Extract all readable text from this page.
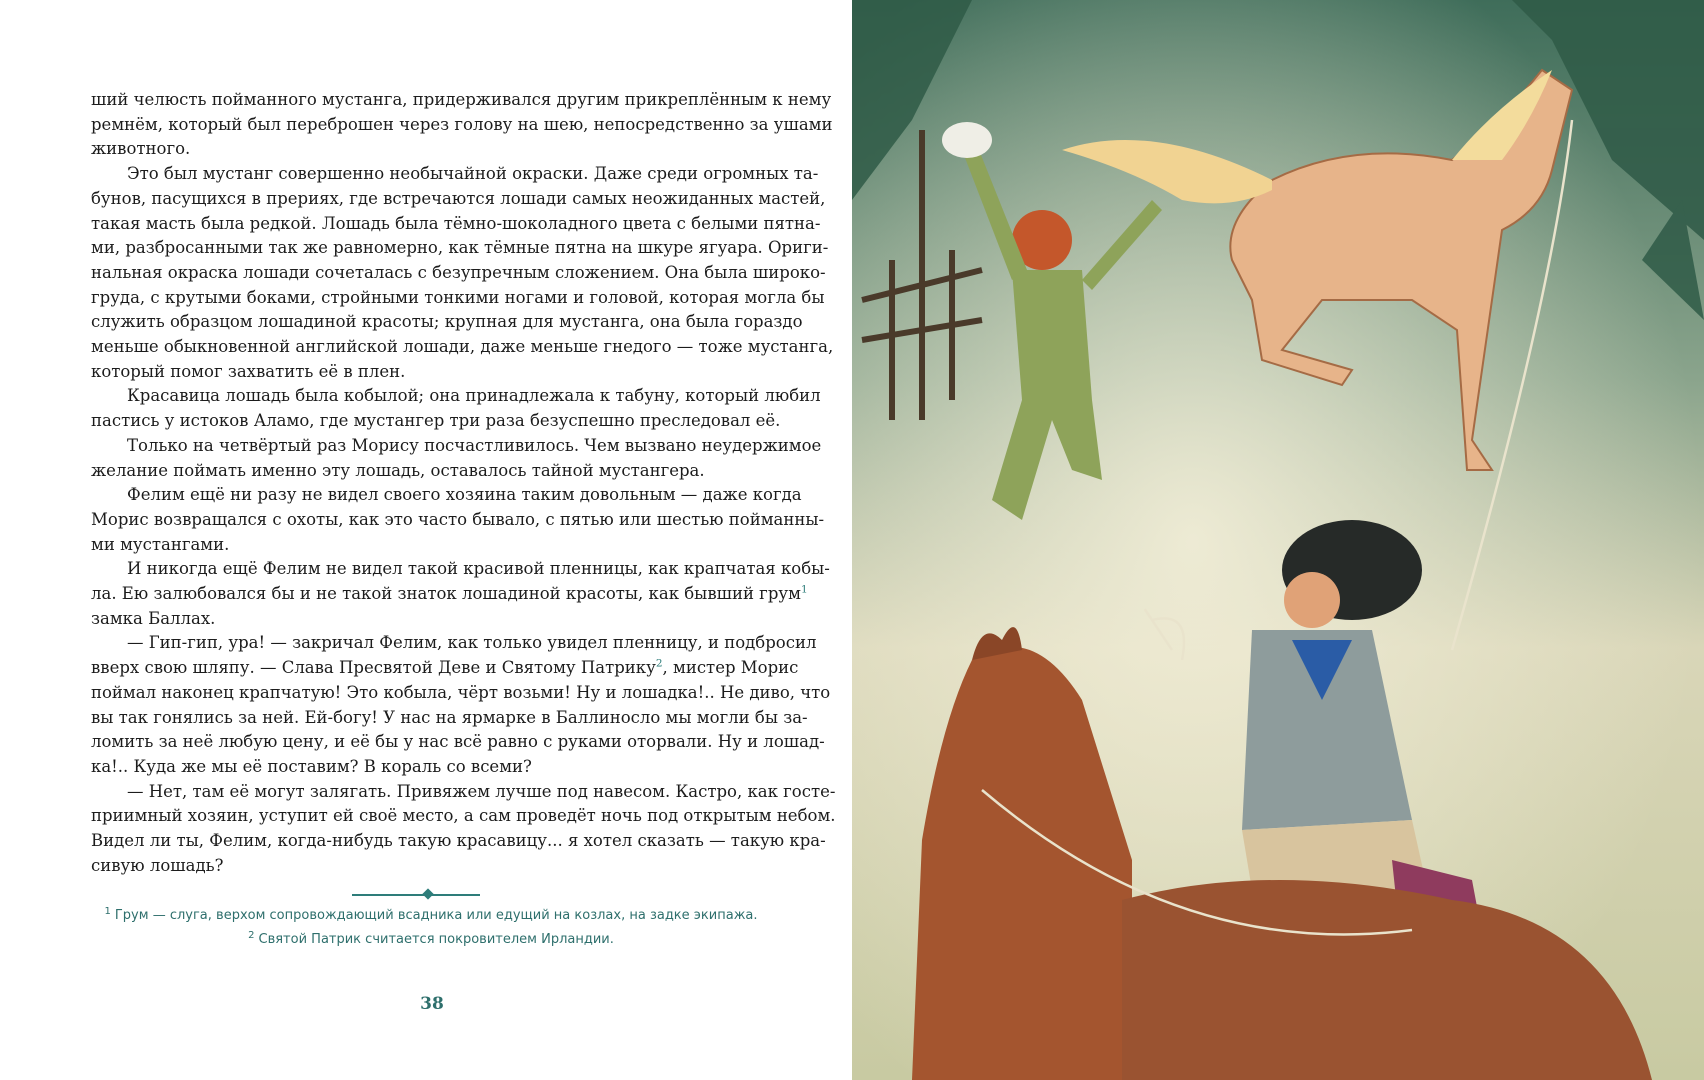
ший челюсть пойманного мустанга, придерживался другим прикреплённым к нему
ремнём, который был переброшен через голову на шею, непосредственно за ушами
животного.

Это был мустанг совершенно необычайной окраски. Даже среди огромных та-
бунов, пасущихся в прериях, где встречаются лошади самых неожиданных мастей,
такая масть была редкой. Лошадь была тёмно-шоколадного цвета с белыми пятна-
ми, разбросанными так же равномерно, как тёмные пятна на шкуре ягуара. Ориги-
нальная окраска лошади сочеталась с безупречным сложением. Она была широко-
груда, с крутыми боками, стройными тонкими ногами и головой, которая могла бы
служить образцом лошадиной красоты; крупная для мустанга, она была гораздо
меньше обыкновенной английской лошади, даже меньше гнедого — тоже мустанга,
который помог захватить её в плен.

Красавица лошадь была кобылой; она принадлежала к табуну, который любил
пастись у истоков Аламо, где мустангер три раза безуспешно преследовал её.

Только на четвёртый раз Морису посчастливилось. Чем вызвано неудержимое
желание поймать именно эту лошадь, оставалось тайной мустангера.

Фелим ещё ни разу не видел своего хозяина таким довольным — даже когда
Морис возвращался с охоты, как это часто бывало, с пятью или шестью пойманны-
ми мустангами.

И никогда ещё Фелим не видел такой красивой пленницы, как крапчатая кобы-
ла. Ею залюбовался бы и не такой знаток лошадиной красоты, как бывший грум$^1$
замка Баллах.

— Гип-гип, ура! — закричал Фелим, как только увидел пленницу, и подбросил
вверх свою шляпу. — Слава Пресвятой Деве и Святому Патрику$^2$, мистер Морис
поймал наконец крапчатую! Это кобыла, чёрт возьми! Ну и лошадка!.. Не диво, что
вы так гонялись за ней. Ей-богу! У нас на ярмарке в Баллинослo мы могли бы за-
ломить за неё любую цену, и её бы у нас всё равно с руками оторвали. Ну и лошад-
ка!.. Куда же мы её поставим? В кораль со всеми?

— Нет, там её могут залягать. Привяжем лучше под навесом. Кастро, как госте-
приимный хозяин, уступит ей своё место, а сам проведёт ночь под открытым небом.
Видел ли ты, Фелим, когда-нибудь такую красавицу... я хотел сказать — такую кра-
сивую лошадь?

$^1$ Грум — слуга, верхом сопровождающий всадника или едущий на козлах, на задке экипажа.
$^2$ Святой Патрик считается покровителем Ирландии.
38
